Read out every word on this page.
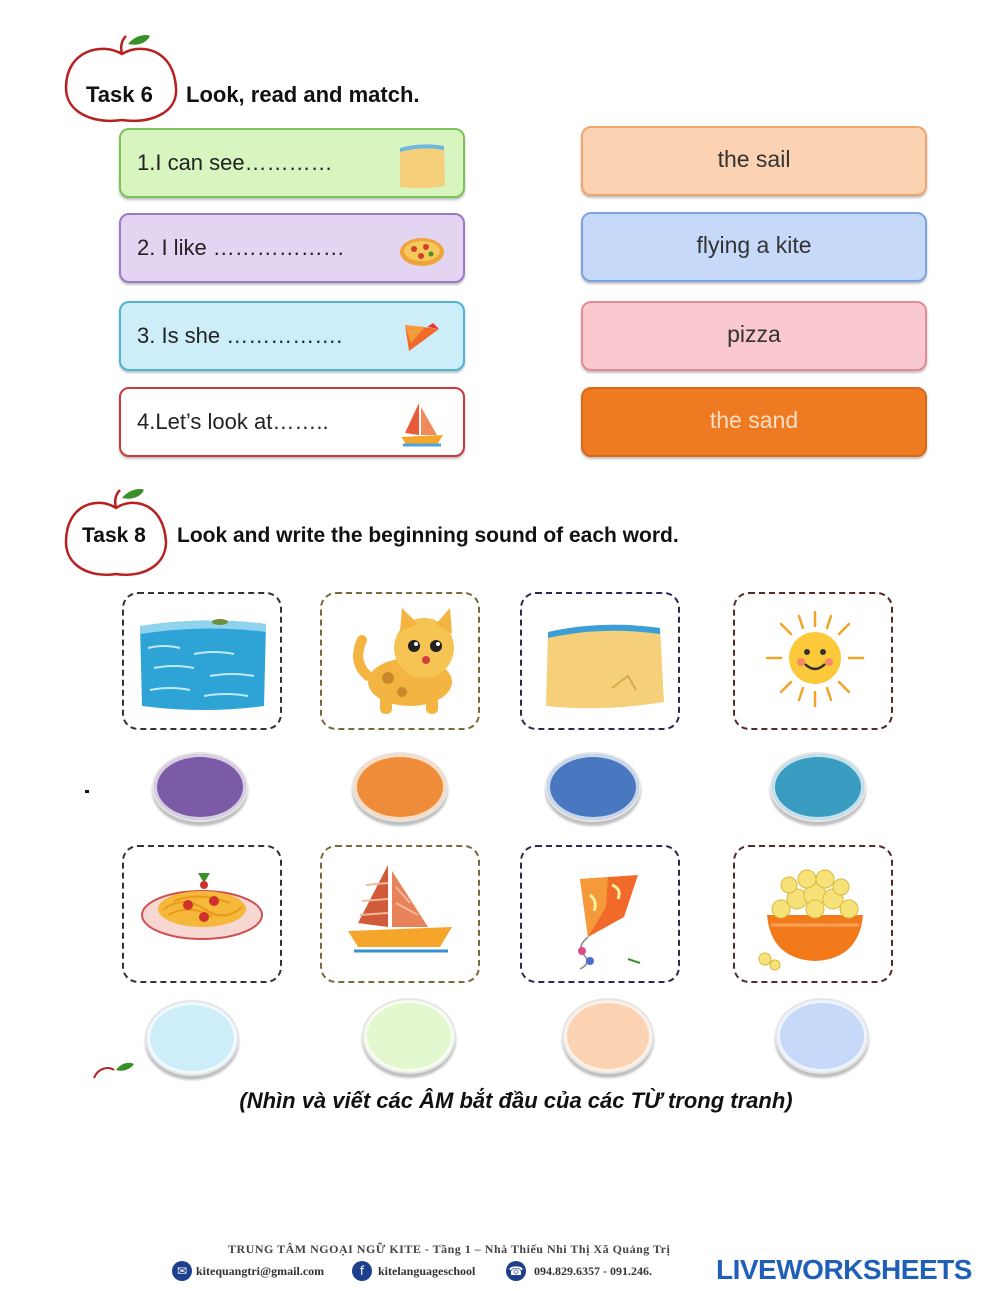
Task 6 Look, read and match.
1.I can see…………
2. I like ………………
3. Is she …………….
4.Let’s look at……..
the sail
flying a kite
pizza
the sand
Task 8 Look and write the beginning sound of each word.
(Nhìn và viết các ÂM bắt đầu của các TỪ trong tranh)
TRUNG TÂM NGOẠI NGỮ KITE - Tầng 1 – Nhà Thiếu Nhi Thị Xã Quảng Trị
✉ kitequangtri@gmail.com	f	kitelanguageschool	☎ 094.829.6357 - 091.246. LIVEWORKSHEETS
